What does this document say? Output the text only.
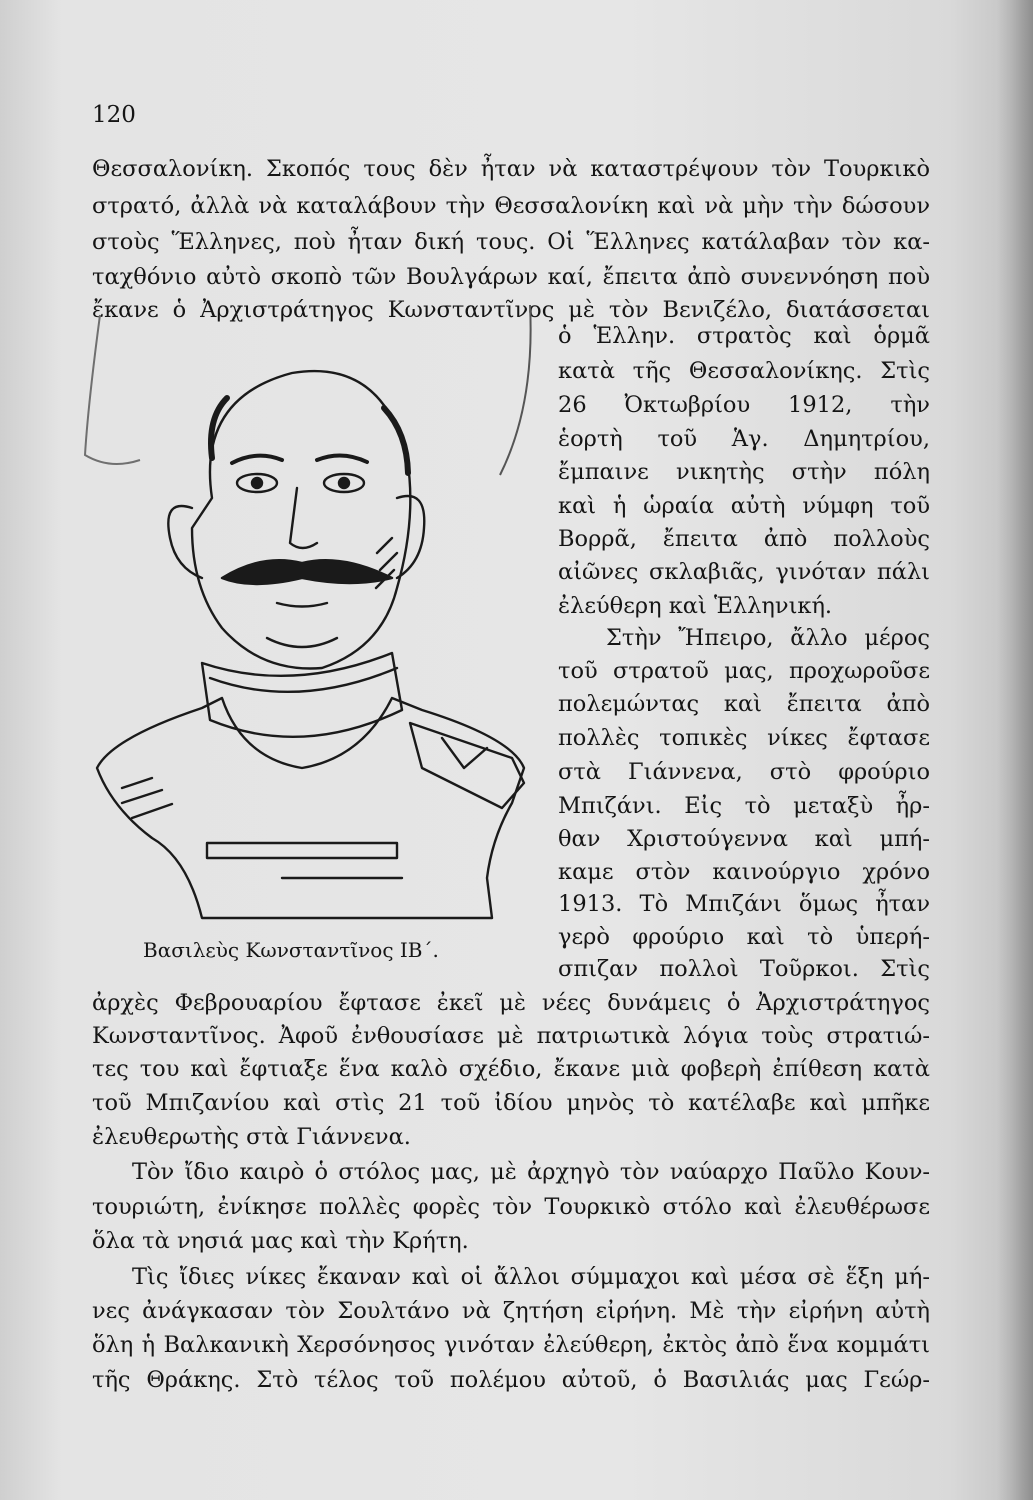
120
Θεσσαλονίκη. Σκοπός τους δὲν ἦταν νὰ καταστρέψουν τὸν Τουρκικὸ
στρατό, ἀλλὰ νὰ καταλάβουν τὴν Θεσσαλονίκη καὶ νὰ μὴν τὴν δώσουν
στοὺς Ἕλληνες, ποὺ ἦταν δική τους. Οἱ Ἕλληνες κατάλαβαν τὸν κα-
ταχθόνιο αὐτὸ σκοπὸ τῶν Βουλγάρων καί, ἔπειτα ἀπὸ συνεννόηση ποὺ
ἔκανε ὁ Ἀρχιστράτηγος Κωνσταντῖνος μὲ τὸν Βενιζέλο, διατάσσεται
ὁ Ἑλλην. στρατὸς καὶ ὁρμᾶ
κατὰ τῆς Θεσσαλονίκης. Στὶς
26 Ὀκτωβρίου 1912, τὴν
ἑορτὴ τοῦ Ἁγ. Δημητρίου,
ἔμπαινε νικητὴς στὴν πόλη
καὶ ἡ ὡραία αὐτὴ νύμφη τοῦ
Βορρᾶ, ἔπειτα ἀπὸ πολλοὺς
αἰῶνες σκλαβιᾶς, γινόταν πάλι
ἐλεύθερη καὶ Ἑλληνική.
Στὴν Ἤπειρο, ἄλλο μέρος
τοῦ στρατοῦ μας, προχωροῦσε
πολεμώντας καὶ ἔπειτα ἀπὸ
πολλὲς τοπικὲς νίκες ἔφτασε
στὰ Γιάννενα, στὸ φρούριο
Μπιζάνι. Εἰς τὸ μεταξὺ ἦρ-
θαν Χριστούγεννα καὶ μπή-
καμε στὸν καινούργιο χρόνο
1913. Τὸ Μπιζάνι ὅμως ἦταν
γερὸ φρούριο καὶ τὸ ὑπερή-
σπιζαν πολλοὶ Τοῦρκοι. Στὶς
ἀρχὲς Φεβρουαρίου ἔφτασε ἐκεῖ μὲ νέες δυνάμεις ὁ Ἀρχιστράτηγος
Κωνσταντῖνος. Ἀφοῦ ἐνθουσίασε μὲ πατριωτικὰ λόγια τοὺς στρατιώ-
τες του καὶ ἔφτιαξε ἕνα καλὸ σχέδιο, ἔκανε μιὰ φοβερὴ ἐπίθεση κατὰ
τοῦ Μπιζανίου καὶ στὶς 21 τοῦ ἰδίου μηνὸς τὸ κατέλαβε καὶ μπῆκε
ἐλευθερωτὴς στὰ Γιάννενα.
Τὸν ἴδιο καιρὸ ὁ στόλος μας, μὲ ἀρχηγὸ τὸν ναύαρχο Παῦλο Κουν-
τουριώτη, ἐνίκησε πολλὲς φορὲς τὸν Τουρκικὸ στόλο καὶ ἐλευθέρωσε
ὅλα τὰ νησιά μας καὶ τὴν Κρήτη.
Τὶς ἴδιες νίκες ἔκαναν καὶ οἱ ἄλλοι σύμμαχοι καὶ μέσα σὲ ἕξη μή-
νες ἀνάγκασαν τὸν Σουλτάνο νὰ ζητήση εἰρήνη. Μὲ τὴν εἰρήνη αὐτὴ
ὅλη ἡ Βαλκανικὴ Χερσόνησος γινόταν ἐλεύθερη, ἐκτὸς ἀπὸ ἕνα κομμάτι
τῆς Θράκης. Στὸ τέλος τοῦ πολέμου αὐτοῦ, ὁ Βασιλιάς μας Γεώρ-
Βασιλεὺς Κωνσταντῖνος ΙΒ΄.
